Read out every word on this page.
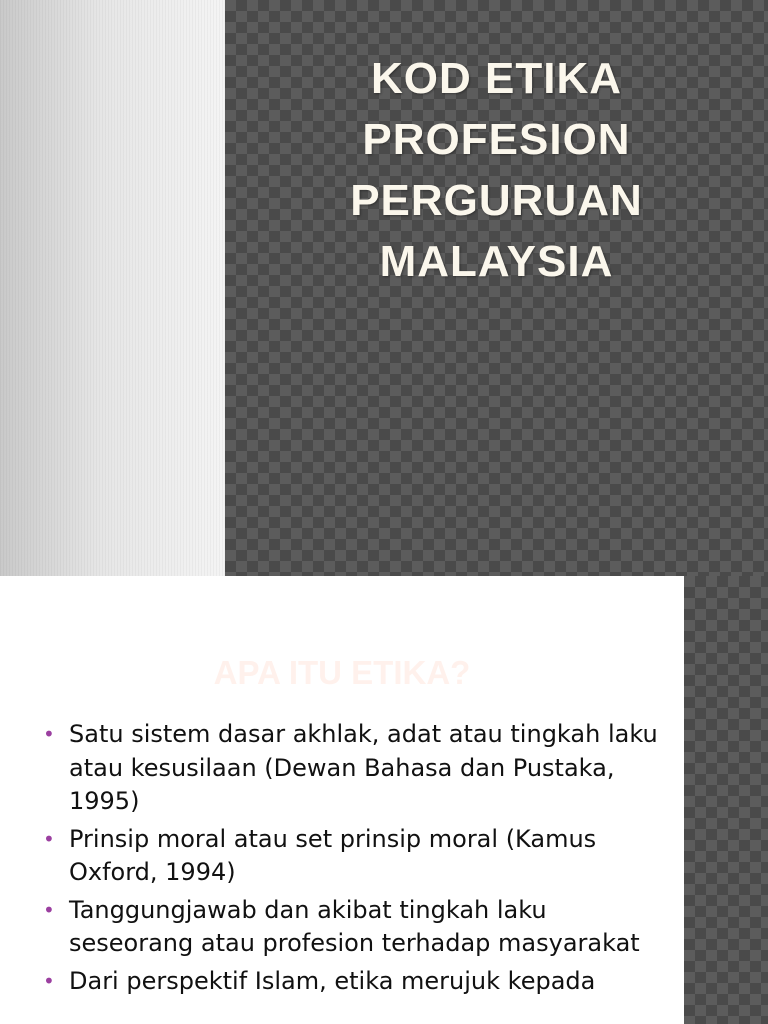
KOD ETIKA
PROFESION
PERGURUAN
MALAYSIA
APA ITU ETIKA?
• Satu sistem dasar akhlak, adat atau tingkah laku atau kesusilaan (Dewan Bahasa dan Pustaka, 1995)
• Prinsip moral atau set prinsip moral (Kamus Oxford, 1994)
• Tanggungjawab dan akibat tingkah laku seseorang atau profesion terhadap masyarakat
• Dari perspektif Islam, etika merujuk kepada
